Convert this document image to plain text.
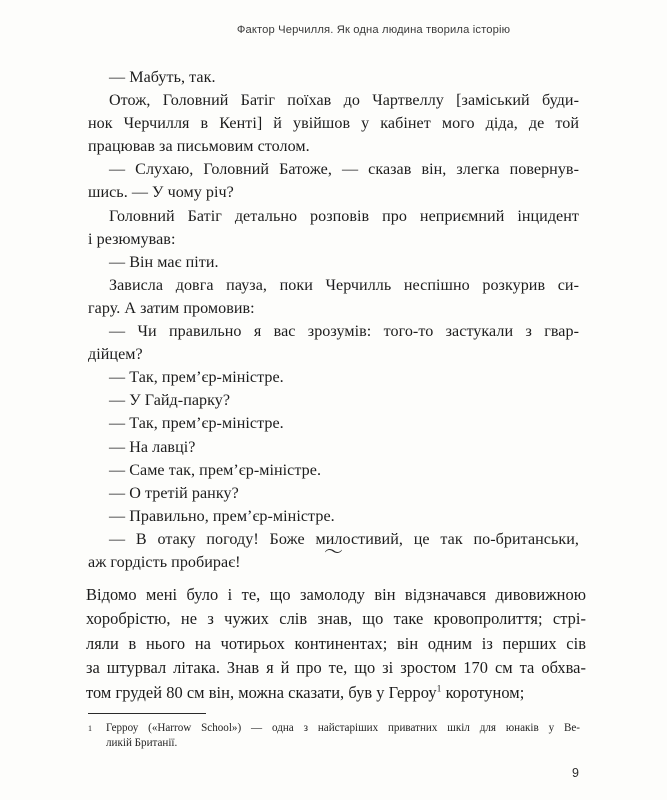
Фактор Черчилля. Як одна людина творила історію

— Мабуть, так.

Отож, Головний Батіг поїхав до Чартвеллу [заміський буди-
нок Черчилля в Кенті] й увійшов у кабінет мого діда, де той
працював за письмовим столом.

— Слухаю, Головний Батоже, — сказав він, злегка повернув-
шись. — У чому річ?

Головний Батіг детально розповів про неприємний інцидент
і резюмував:

— Він має піти.

Зависла довга пауза, поки Черчилль неспішно розкурив си-
гару. А затим промовив:

— Чи правильно я вас зрозумів: того-то застукали з гвар-
дійцем?

— Так, прем’єр-міністре.

— У Гайд-парку?

— Так, прем’єр-міністре.

— На лавці?

— Саме так, прем’єр-міністре.

— О третій ранку?

— Правильно, прем’єр-міністре.

— В отаку погоду! Боже милостивий, це так по-британськи,
аж гордість пробирає!	〜
Відомо мені було і те, що замолоду він відзначався дивовижною
хоробрістю, не з чужих слів знав, що таке кровопролиття; стрі-
ляли в нього на чотирьох континентах; він одним із перших сів
за штурвал літака. Знав я й про те, що зі зростом 170 см та обхва-
том грудей 80 см він, можна сказати, був у Герроу$^1$ коротуном;
1	Герроу («Harrow School») — одна з найстаріших приватних шкіл для юнаків у Ве-
ликій Британії.
9
